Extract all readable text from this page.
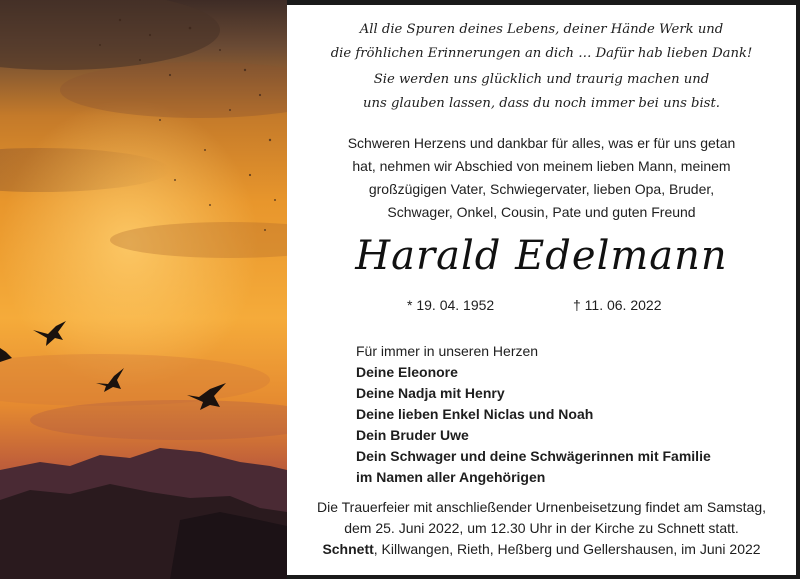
All die Spuren deines Lebens, deiner Hände Werk und
die fröhlichen Erinnerungen an dich … Dafür hab lieben Dank!
Sie werden uns glücklich und traurig machen und
uns glauben lassen, dass du noch immer bei uns bist.
Schweren Herzens und dankbar für alles, was er für uns getan
hat, nehmen wir Abschied von meinem lieben Mann, meinem
großzügigen Vater, Schwiegervater, lieben Opa, Bruder,
Schwager, Onkel, Cousin, Pate und guten Freund
Harald Edelmann
* 19. 04. 1952	† 11. 06. 2022
Für immer in unseren Herzen
Deine Eleonore
Deine Nadja mit Henry
Deine lieben Enkel Niclas und Noah
Dein Bruder Uwe
Dein Schwager und deine Schwägerinnen mit Familie
im Namen aller Angehörigen
Die Trauerfeier mit anschließender Urnenbeisetzung findet am Samstag,
dem 25. Juni 2022, um 12.30 Uhr in der Kirche zu Schnett statt.
Schnett, Killwangen, Rieth, Heßberg und Gellershausen, im Juni 2022
